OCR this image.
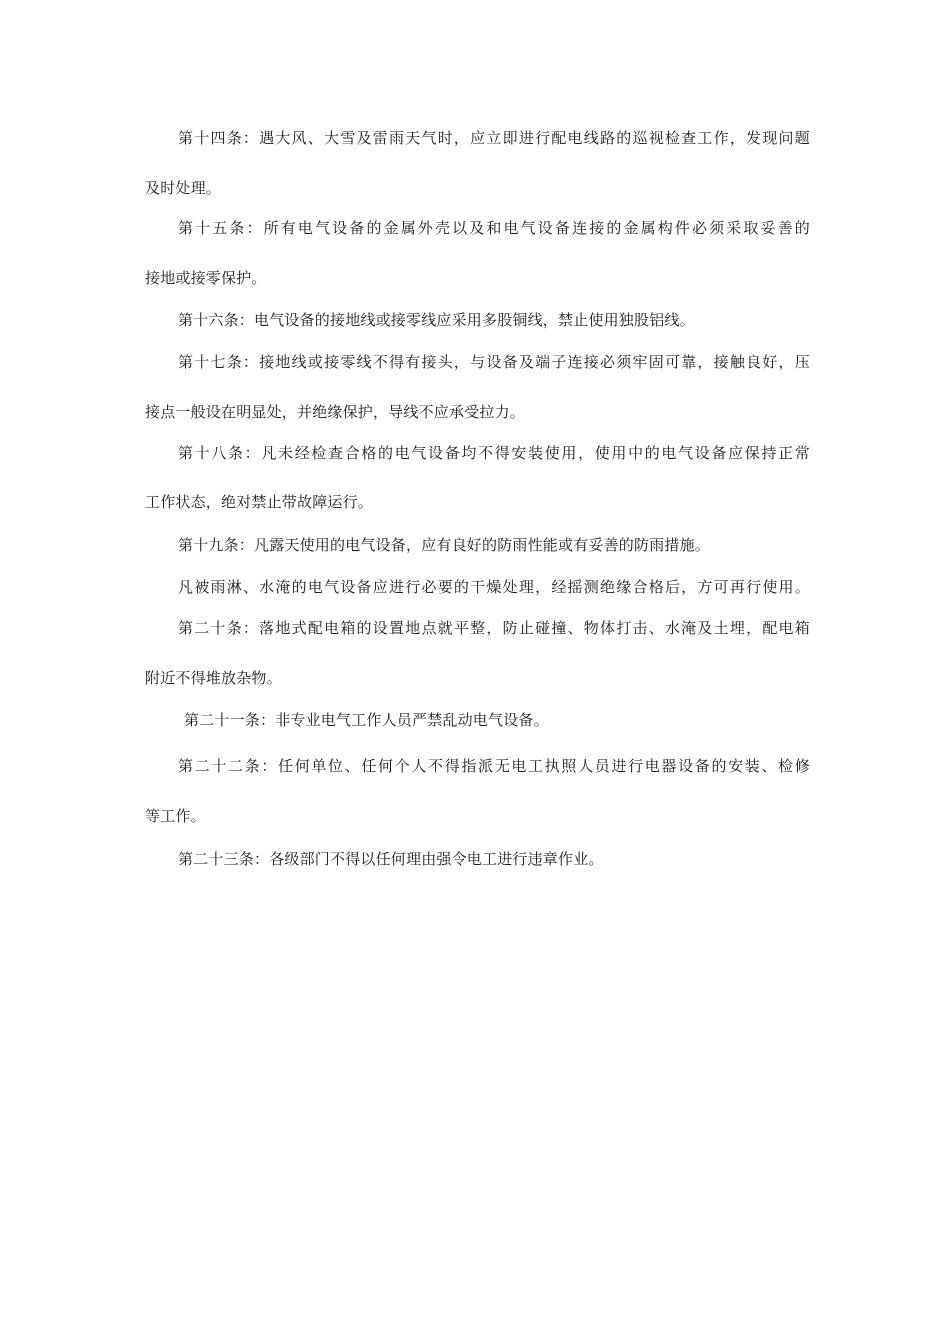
第十四条：遇大风、大雪及雷雨天气时，应立即进行配电线路的巡视检查工作，发现问题
及时处理。
第十五条：所有电气设备的金属外壳以及和电气设备连接的金属构件必须采取妥善的
接地或接零保护。
第十六条：电气设备的接地线或接零线应采用多股铜线，禁止使用独股铝线。
第十七条：接地线或接零线不得有接头，与设备及端子连接必须牢固可靠，接触良好，压
接点一般设在明显处，并绝缘保护，导线不应承受拉力。
第十八条：凡未经检查合格的电气设备均不得安装使用，使用中的电气设备应保持正常
工作状态，绝对禁止带故障运行。
第十九条：凡露天使用的电气设备，应有良好的防雨性能或有妥善的防雨措施。
凡被雨淋、水淹的电气设备应进行必要的干燥处理，经摇测绝缘合格后，方可再行使用。
第二十条：落地式配电箱的设置地点就平整，防止碰撞、物体打击、水淹及土埋，配电箱
附近不得堆放杂物。
第二十一条：非专业电气工作人员严禁乱动电气设备。
第二十二条：任何单位、任何个人不得指派无电工执照人员进行电器设备的安装、检修
等工作。
第二十三条：各级部门不得以任何理由强令电工进行违章作业。
